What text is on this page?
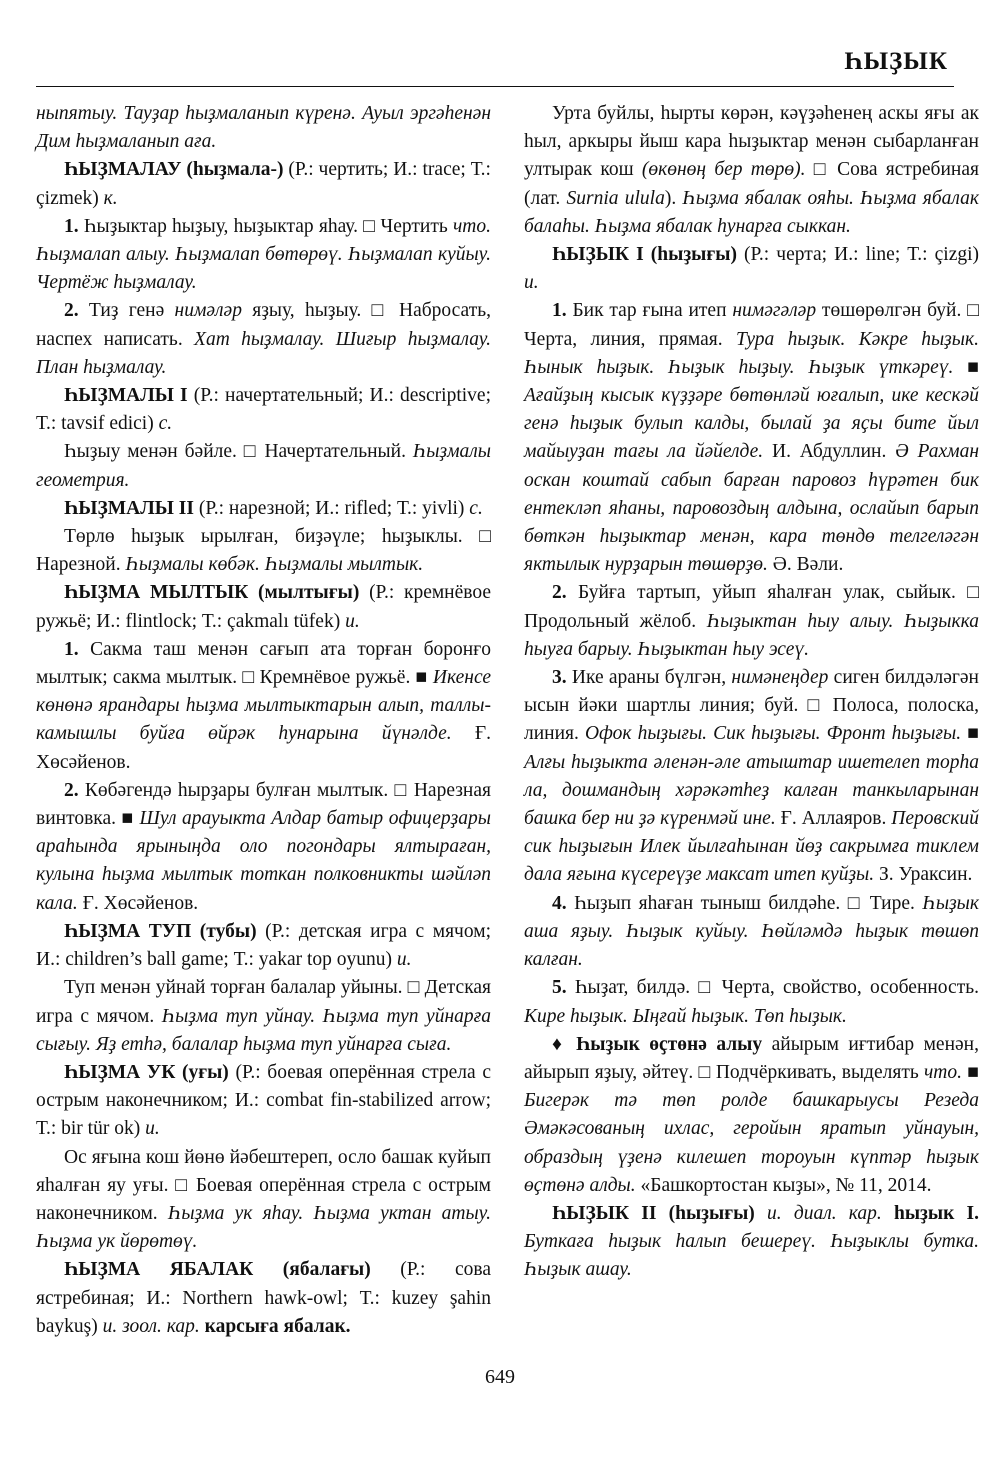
ҺЫҘЫК

ныпятыу. Тауҙар һыҙмаланып күренә. Ауыл эргәһенән Дим һыҙмаланып аға.

ҺЫҘМАЛАУ (һыҙмала-) (Р.: чертить; И.: trace; Т.: çizmek) к.

1. Һыҙыктар һыҙыу, һыҙыктар яһау. □ Чертить что. Һыҙмалап алыу. Һыҙмалап бөтөрөү. Һыҙмалап куйыу. Чертёж һыҙмалау.

2. Тиҙ генә нимәләр яҙыу, һыҙыу. □ Набросать, наспех написать. Хат һыҙмалау. Шиғыр һыҙмалау. План һыҙмалау.

ҺЫҘМАЛЫ I (Р.: начертательный; И.: descriptive; Т.: tavsif edici) с.

Һыҙыу менән бәйле. □ Начертательный. Һыҙмалы геометрия.

ҺЫҘМАЛЫ II (Р.: нарезной; И.: rifled; Т.: yivli) с.

Төрлө һыҙык ырылған, биҙәүле; һыҙыклы. □ Нарезной. Һыҙмалы көбәк. Һыҙмалы мылтык.

ҺЫҘМА МЫЛТЫК (мылтығы) (Р.: кремнёвое ружьё; И.: flintlock; Т.: çakmalı tüfek) и.

1. Сакма таш менән сағып ата торған боронғо мылтык; сакма мылтык. □ Кремнёвое ружьё. ■ Икенсе көнөнә ярандары һыҙма мылтыктарын алып, таллы-камышлы буйға өйрәк һунарына йүнәлде. Ғ. Хөсәйенов.

2. Көбәгендә һырҙары булған мылтык. □ Нарезная винтовка. ■ Шул арауыкта Алдар батыр офицерҙары араһында ярыныңда оло погондары ялтыраған, кулына һыҙма мылтык тоткан полковникты шәйләп кала. Ғ. Хөсәйенов.

ҺЫҘМА ТУП (тубы) (Р.: детская игра с мячом; И.: children’s ball game; Т.: yakar top oyunu) и.

Туп менән уйнай торған балалар уйыны. □ Детская игра с мячом. Һыҙма туп уйнау. Һыҙма туп уйнарға сығыу. Яҙ етһә, балалар һыҙма туп уйнарға сыға.

ҺЫҘМА УК (уғы) (Р.: боевая оперённая стрела с острым наконечником; И.: combat fin-stabilized arrow; Т.: bir tür ok) и.

Ос яғына кош йөнө йәбештереп, осло башак куйып яһалған яу уғы. □ Боевая оперённая стрела с острым наконечником. Һыҙма ук яһау. Һыҙма уктан атыу. Һыҙма ук йөрөтөү.

ҺЫҘМА ЯБАЛАК (ябалағы) (Р.: сова ястребиная; И.: Northern hawk-owl; Т.: kuzey şahin baykuş) и. зоол. кар. карсыға ябалак.

Урта буйлы, һырты көрән, кәүҙәһенең аскы яғы ак һыл, аркыры йыш кара һыҙыктар менән сыбарланған ултырак кош (өкөнөң бер төрө). □ Сова ястребиная (лат. Surnia ulula). Һыҙма ябалак ояһы. Һыҙма ябалак балаһы. Һыҙма ябалак һунарға сыккан.

ҺЫҘЫК I (һыҙығы) (Р.: черта; И.: line; Т.: çizgi) и.

1. Бик тар ғына итеп нимәгәләр төшөрөлгән буй. □ Черта, линия, прямая. Тура һыҙык. Кәкре һыҙык. Һынык һыҙык. Һыҙык һыҙыу. Һыҙык үткәреү. ■ Ағайҙың кысык күҙҙәре бөтөнләй юғалып, ике кескәй генә һыҙык булып калды, былай ҙа яҫы бите йыл майыуҙан тағы ла йәйелде. И. Абдуллин. Ә Рахман оскан коштай сабып барған паровоз һүрәтен бик ентекләп яһаны, паровоздың алдына, ослайып барып бөткән һыҙыктар менән, кара төндө телгеләгән яктылык нурҙарын төшөрҙө. Ә. Вәли.

2. Буйға тартып, уйып яһалған улак, сыйык. □ Продольный жёлоб. Һыҙыктан һыу алыу. Һыҙыкка һыуға барыу. Һыҙыктан һыу эсеү.

3. Ике араны бүлгән, нимәнеңдер сиген билдәләгән ысын йәки шартлы линия; буй. □ Полоса, полоска, линия. Офок һыҙығы. Сик һыҙығы. Фронт һыҙығы. ■ Алғы һыҙыкта әленән-әле атыштар ишетелеп торһа ла, дошмандың хәрәкәтһеҙ калған танкыларынан башка бер ни ҙә күренмәй ине. Ғ. Аллаяров. Перовский сик һыҙығын Илек йылғаһынан йөҙ сакрымға тиклем дала яғына күсереүҙе максат итеп куйҙы. З. Ураксин.

4. Һыҙып яһаған тыныш билдәһе. □ Тире. Һыҙык аша яҙыу. Һыҙык куйыу. Һөйләмдә һыҙык төшөп калған.

5. Һыҙат, билдә. □ Черта, свойство, особенность. Кире һыҙык. Ыңғай һыҙык. Төп һыҙык.

♦ Һыҙык өҫтөнә алыу айырым иғтибар менән, айырып яҙыу, әйтеү. □ Подчёркивать, выделять что. ■ Бигерәк тә төп ролде башкарыусы Резеда Әмәкәсованың ихлас, геройын яратып уйнауын, образдың үҙенә килешеп тороуын күптәр һыҙык өҫтөнә алды. «Башкортостан кыҙы», № 11, 2014.

ҺЫҘЫК II (һыҙығы) и. диал. кар. һыҙык I. Буткаға һыҙык һалып бешереү. Һыҙыклы бутка. Һыҙык ашау.

649
